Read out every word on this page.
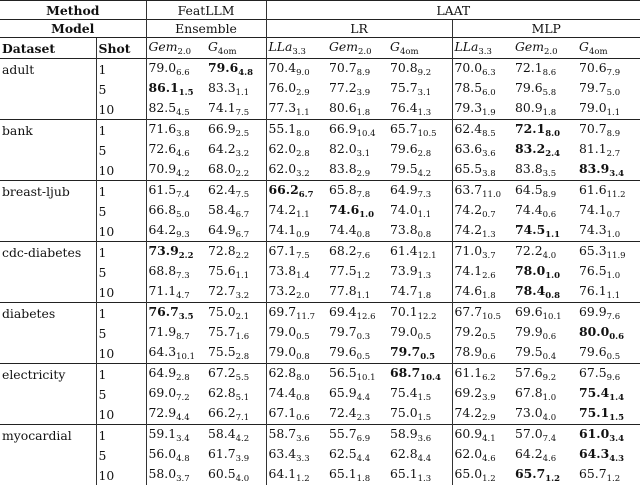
Method		FeatLLM		LAAT					
Model		Ensemble		LR			MLP		
Dataset	Shot	Gem$_{2.0}$	$G_{4om}$	LLa$_{3.3}$	Gem$_{2.0}$	$G_{4om}$	LLa$_{3.3}$	Gem$_{2.0}$	$G_{4om}$
adult	1	$79.0_{6.6}$	$79.6_{4.8}$	$70.4_{9.0}$	$70.7_{8.9}$	$70.8_{9.2}$	$70.0_{6.3}$	$72.1_{8.6}$	$70.6_{7.9}$
	5	$86.1_{1.5}$	$83.3_{1.1}$	$76.0_{2.9}$	$77.2_{3.9}$	$75.7_{3.1}$	$78.5_{6.0}$	$79.6_{5.8}$	$79.7_{5.0}$
	10	$82.5_{4.5}$	$74.1_{7.5}$	$77.3_{1.1}$	$80.6_{1.8}$	$76.4_{1.3}$	$79.3_{1.9}$	$80.9_{1.8}$	$79.0_{1.1}$
bank	1	$71.6_{3.8}$	$66.9_{2.5}$	$55.1_{8.0}$	$66.9_{10.4}$	$65.7_{10.5}$	$62.4_{8.5}$	$72.1_{8.0}$	$70.7_{8.9}$
	5	$72.6_{4.6}$	$64.2_{3.2}$	$62.0_{2.8}$	$82.0_{3.1}$	$79.6_{2.8}$	$63.6_{3.6}$	$83.2_{2.4}$	$81.1_{2.7}$
	10	$70.9_{4.2}$	$68.0_{2.2}$	$62.0_{3.2}$	$83.8_{2.9}$	$79.5_{4.2}$	$65.5_{3.8}$	$83.8_{3.5}$	$83.9_{3.4}$
breast-ljub	1	$61.5_{7.4}$	$62.4_{7.5}$	$66.2_{6.7}$	$65.8_{7.8}$	$64.9_{7.3}$	$63.7_{11.0}$	$64.5_{8.9}$	$61.6_{11.2}$
	5	$66.8_{5.0}$	$58.4_{6.7}$	$74.2_{1.1}$	$74.6_{1.0}$	$74.0_{1.1}$	$74.2_{0.7}$	$74.4_{0.6}$	$74.1_{0.7}$
	10	$64.2_{9.3}$	$64.9_{6.7}$	$74.1_{0.9}$	$74.4_{0.8}$	$73.8_{0.8}$	$74.2_{1.3}$	$74.5_{1.1}$	$74.3_{1.0}$
cdc-diabetes	1	$73.9_{2.2}$	$72.8_{2.2}$	$67.1_{7.5}$	$68.2_{7.6}$	$61.4_{12.1}$	$71.0_{3.7}$	$72.2_{4.0}$	$65.3_{11.9}$
	5	$68.8_{7.3}$	$75.6_{1.1}$	$73.8_{1.4}$	$77.5_{1.2}$	$73.9_{1.3}$	$74.1_{2.6}$	$78.0_{1.0}$	$76.5_{1.0}$
	10	$71.1_{4.7}$	$72.7_{3.2}$	$73.2_{2.0}$	$77.8_{1.1}$	$74.7_{1.8}$	$74.6_{1.8}$	$78.4_{0.8}$	$76.1_{1.1}$
diabetes	1	$76.7_{3.5}$	$75.0_{2.1}$	$69.7_{11.7}$	$69.4_{12.6}$	$70.1_{12.2}$	$67.7_{10.5}$	$69.6_{10.1}$	$69.9_{7.6}$
	5	$71.9_{8.7}$	$75.7_{1.6}$	$79.0_{0.5}$	$79.7_{0.3}$	$79.0_{0.5}$	$79.2_{0.5}$	$79.9_{0.6}$	$80.0_{0.6}$
	10	$64.3_{10.1}$	$75.5_{2.8}$	$79.0_{0.8}$	$79.6_{0.5}$	$79.7_{0.5}$	$78.9_{0.6}$	$79.5_{0.4}$	$79.6_{0.5}$
electricity	1	$64.9_{2.8}$	$67.2_{5.5}$	$62.8_{8.0}$	$56.5_{10.1}$	$68.7_{10.4}$	$61.1_{6.2}$	$57.6_{9.2}$	$67.5_{9.6}$
	5	$69.0_{7.2}$	$62.8_{5.1}$	$74.4_{0.8}$	$65.9_{4.4}$	$75.4_{1.5}$	$69.2_{3.9}$	$67.8_{1.0}$	$75.4_{1.4}$
	10	$72.9_{4.4}$	$66.2_{7.1}$	$67.1_{0.6}$	$72.4_{2.3}$	$75.0_{1.5}$	$74.2_{2.9}$	$73.0_{4.0}$	$75.1_{1.5}$
myocardial	1	$59.1_{3.4}$	$58.4_{4.2}$	$58.7_{3.6}$	$55.7_{6.9}$	$58.9_{3.6}$	$60.9_{4.1}$	$57.0_{7.4}$	$61.0_{3.4}$
	5	$56.0_{4.8}$	$61.7_{3.9}$	$63.4_{3.3}$	$62.5_{4.4}$	$62.8_{4.4}$	$62.0_{4.6}$	$64.2_{4.6}$	$64.3_{4.3}$
	10	$58.0_{3.7}$	$60.5_{4.0}$	$64.1_{1.2}$	$65.1_{1.8}$	$65.1_{1.3}$	$65.0_{1.2}$	$65.7_{1.2}$	$65.7_{1.2}$
